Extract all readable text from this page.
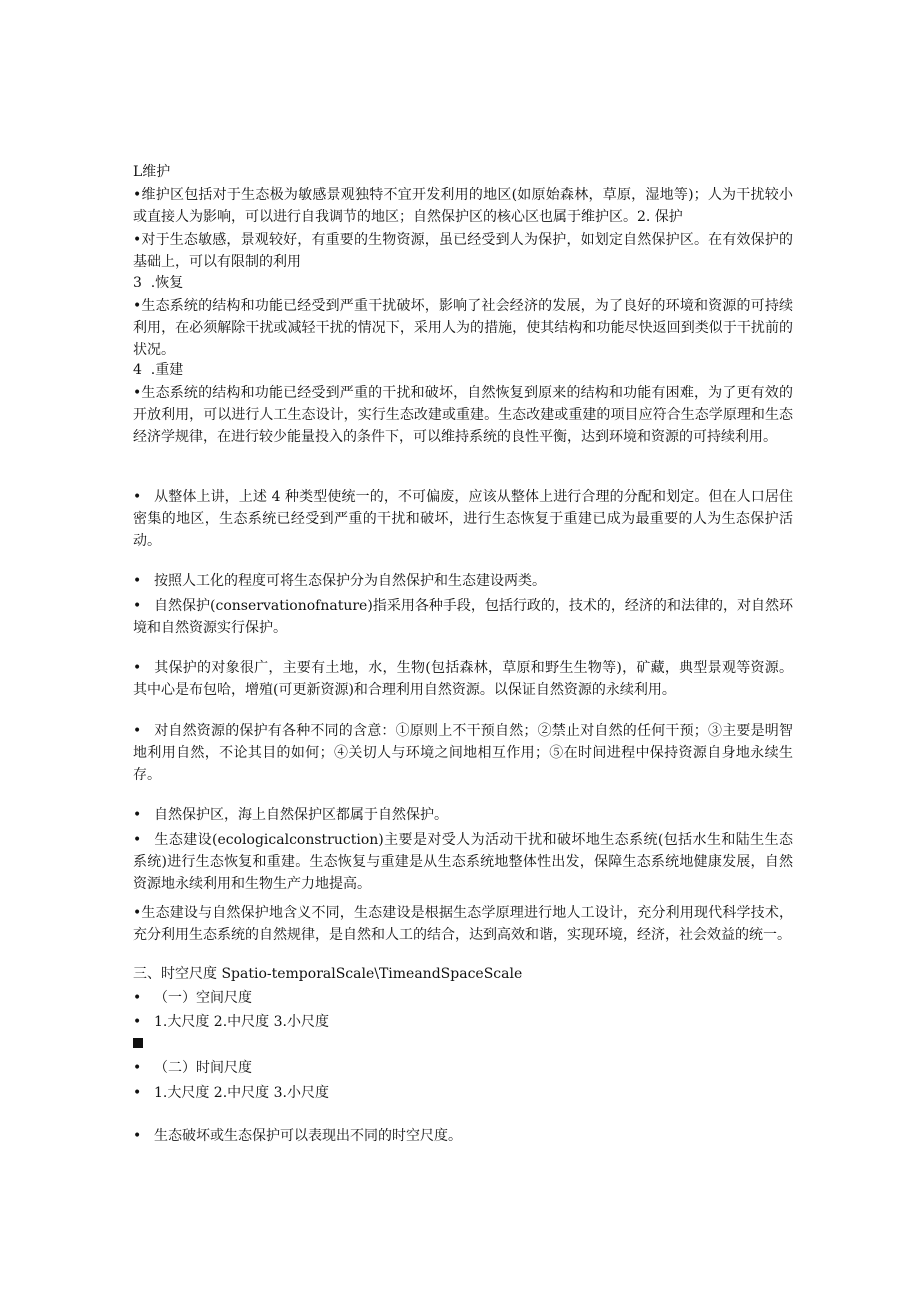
L维护

•维护区包括对于生态极为敏感景观独特不宜开发利用的地区(如原始森林，草原，湿地等)；人为干扰较小或直接人为影响，可以进行自我调节的地区；自然保护区的核心区也属于维护区。2. 保护

•对于生态敏感，景观较好，有重要的生物资源，虽已经受到人为保护，如划定自然保护区。在有效保护的基础上，可以有限制的利用

3  .恢复

•生态系统的结构和功能已经受到严重干扰破坏，影响了社会经济的发展，为了良好的环境和资源的可持续利用，在必须解除干扰或减轻干扰的情况下，采用人为的措施，使其结构和功能尽快返回到类似于干扰前的状况。

4  .重建

•生态系统的结构和功能已经受到严重的干扰和破坏，自然恢复到原来的结构和功能有困难，为了更有效的开放利用，可以进行人工生态设计，实行生态改建或重建。生态改建或重建的项目应符合生态学原理和生态经济学规律，在进行较少能量投入的条件下，可以维持系统的良性平衡，达到环境和资源的可持续利用。

• 从整体上讲，上述 4 种类型使统一的，不可偏废，应该从整体上进行合理的分配和划定。但在人口居住密集的地区，生态系统已经受到严重的干扰和破坏，进行生态恢复于重建已成为最重要的人为生态保护活动。

• 按照人工化的程度可将生态保护分为自然保护和生态建设两类。

• 自然保护(conservationofnature)指采用各种手段，包括行政的，技术的，经济的和法律的，对自然环境和自然资源实行保护。

• 其保护的对象很广，主要有土地，水，生物(包括森林，草原和野生生物等)，矿藏，典型景观等资源。其中心是布包哈，增殖(可更新资源)和合理利用自然资源。以保证自然资源的永续利用。

• 对自然资源的保护有各种不同的含意：①原则上不干预自然；②禁止对自然的任何干预；③主要是明智地利用自然，不论其目的如何；④关切人与环境之间地相互作用；⑤在时间进程中保持资源自身地永续生存。

• 自然保护区，海上自然保护区都属于自然保护。

• 生态建设(ecologicalconstruction)主要是对受人为活动干扰和破坏地生态系统(包括水生和陆生生态系统)进行生态恢复和重建。生态恢复与重建是从生态系统地整体性出发，保障生态系统地健康发展，自然资源地永续利用和生物生产力地提高。

•生态建设与自然保护地含义不同，生态建设是根据生态学原理进行地人工设计，充分利用现代科学技术，充分利用生态系统的自然规律，是自然和人工的结合，达到高效和谐，实现环境，经济，社会效益的统一。

三、时空尺度 Spatio-temporalScale\TimeandSpaceScale

• （一）空间尺度

• 1.大尺度 2.中尺度 3.小尺度

• （二）时间尺度

• 1.大尺度 2.中尺度 3.小尺度

• 生态破坏或生态保护可以表现出不同的时空尺度。
